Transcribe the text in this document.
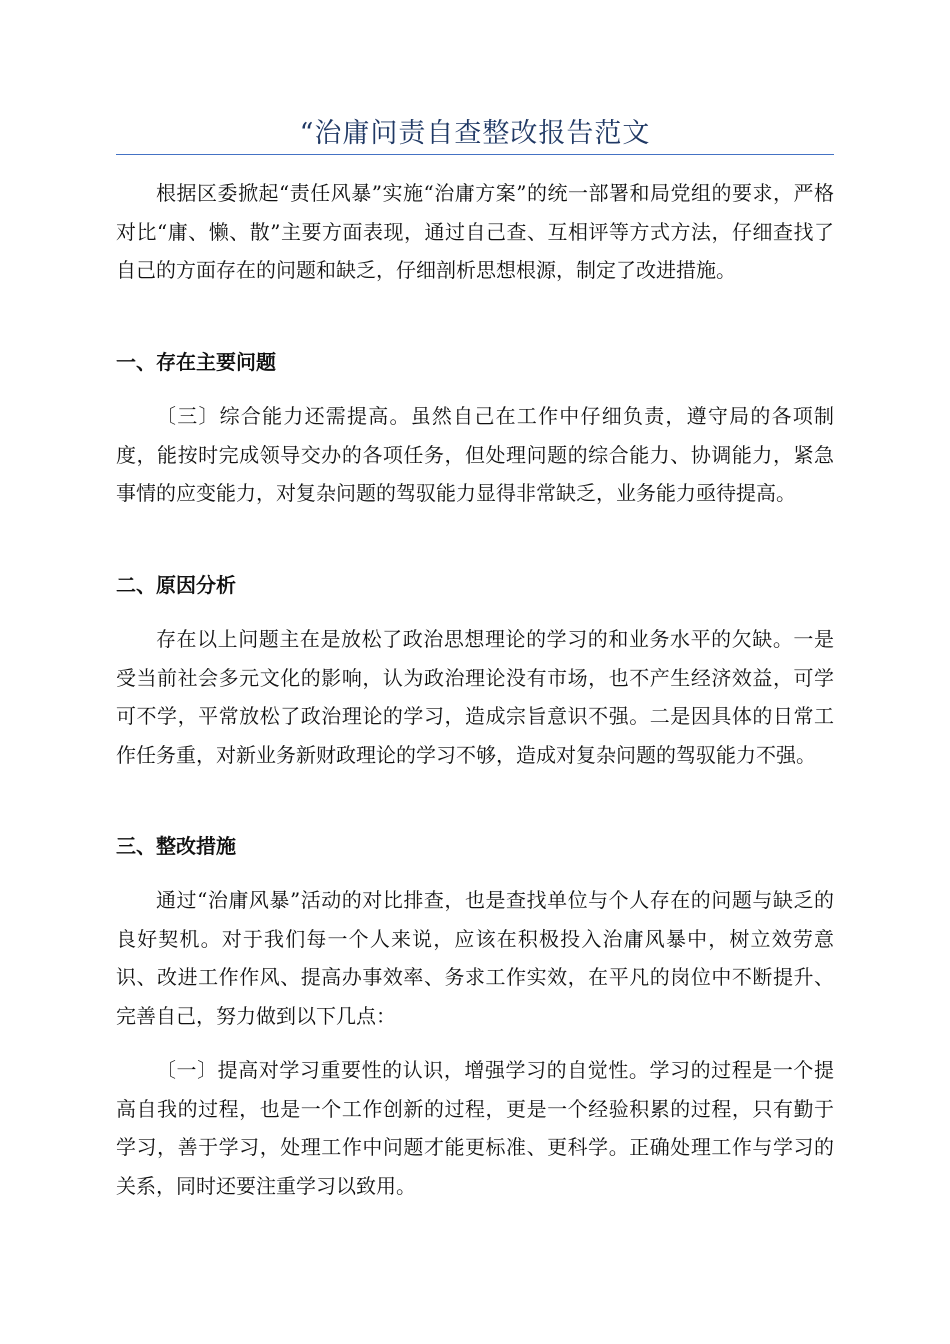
“治庸问责自查整改报告范文

根据区委掀起“责任风暴”实施“治庸方案”的统一部署和局党组的要求，严格对比“庸、懒、散”主要方面表现，通过自己查、互相评等方式方法，仔细查找了自己的方面存在的问题和缺乏，仔细剖析思想根源，制定了改进措施。

一、存在主要问题

〔三〕综合能力还需提高。虽然自己在工作中仔细负责，遵守局的各项制度，能按时完成领导交办的各项任务，但处理问题的综合能力、协调能力，紧急事情的应变能力，对复杂问题的驾驭能力显得非常缺乏，业务能力亟待提高。

二、原因分析

存在以上问题主在是放松了政治思想理论的学习的和业务水平的欠缺。一是受当前社会多元文化的影响，认为政治理论没有市场，也不产生经济效益，可学可不学，平常放松了政治理论的学习，造成宗旨意识不强。二是因具体的日常工作任务重，对新业务新财政理论的学习不够，造成对复杂问题的驾驭能力不强。

三、整改措施

通过“治庸风暴”活动的对比排查，也是查找单位与个人存在的问题与缺乏的良好契机。对于我们每一个人来说，应该在积极投入治庸风暴中，树立效劳意识、改进工作作风、提高办事效率、务求工作实效，在平凡的岗位中不断提升、完善自己，努力做到以下几点：

〔一〕提高对学习重要性的认识，增强学习的自觉性。学习的过程是一个提高自我的过程，也是一个工作创新的过程，更是一个经验积累的过程，只有勤于学习，善于学习，处理工作中问题才能更标准、更科学。正确处理工作与学习的关系，同时还要注重学习以致用。
